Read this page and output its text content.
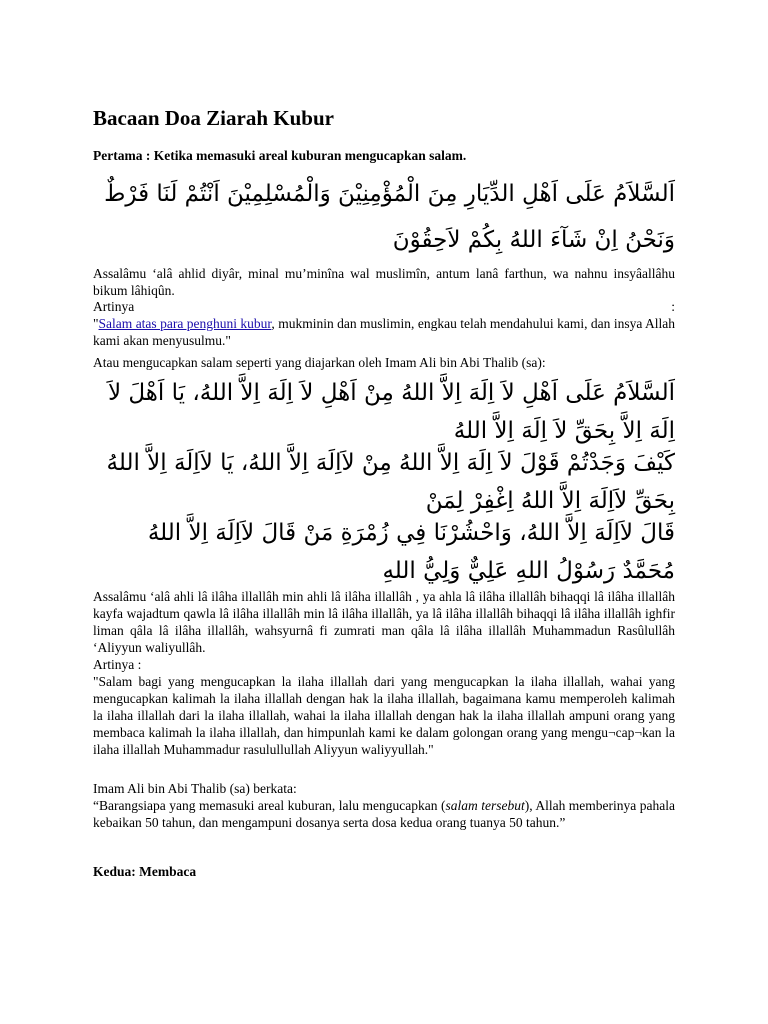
Bacaan Doa Ziarah Kubur

Pertama : Ketika memasuki areal kuburan mengucapkan salam.

اَلسَّلاَمُ عَلَى اَهْلِ الدِّيَارِ مِنَ الْمُؤْمِنِيْنَ وَالْمُسْلِمِيْنَ اَنْتُمْ لَنَا فَرْطٌ وَنَحْنُ اِنْ شَآءَ اللهُ بِكُمْ لاَحِقُوْنَ

Assalâmu ‘alâ ahlid diyâr, minal mu’minîna wal muslimîn, antum lanâ farthun, wa nahnu insyâallâhu bikum lâhiqûn.

Artinya	:

"Salam atas para penghuni kubur, mukminin dan muslimin, engkau telah mendahului kami, dan insya Allah kami akan menyusulmu."

Atau mengucapkan salam seperti yang diajarkan oleh Imam Ali bin Abi Thalib (sa):

اَلسَّلاَمُ عَلَى اَهْلِ لاَ اِلَهَ اِلاَّ اللهُ مِنْ اَهْلِ لاَ اِلَهَ اِلاَّ اللهُ، يَا اَهْلَ لاَ اِلَهَ اِلاَّ بِحَقِّ لاَ اِلَهَ اِلاَّ اللهُ

كَيْفَ وَجَدْتُمْ قَوْلَ لاَ اِلَهَ اِلاَّ اللهُ مِنْ لاَاِلَهَ اِلاَّ اللهُ، يَا لاَاِلَهَ اِلاَّ اللهُ بِحَقِّ لاَاِلَهَ اِلاَّ اللهُ اِغْفِرْ لِمَنْ

قَالَ لاَاِلَهَ اِلاَّ اللهُ، وَاحْشُرْنَا فِي زُمْرَةِ مَنْ قَالَ لاَاِلَهَ اِلاَّ اللهُ مُحَمَّدٌ رَسُوْلُ اللهِ عَلِيٌّ وَلِيُّ اللهِ

Assalâmu ‘alâ ahli lâ ilâha illallâh min ahli lâ ilâha illallâh , ya ahla lâ ilâha illallâh bihaqqi lâ ilâha illallâh kayfa wajadtum qawla lâ ilâha illallâh min lâ ilâha illallâh, ya lâ ilâha illallâh bihaqqi lâ ilâha illallâh ighfir liman qâla lâ ilâha illallâh, wahsyurnâ fi zumrati man qâla lâ ilâha illallâh Muhammadun Rasûlullâh ‘Aliyyun waliyullâh.

Artinya :

"Salam bagi yang mengucapkan la ilaha illallah dari yang mengucapkan la ilaha illallah, wahai yang mengucapkan kalimah la ilaha illallah dengan hak la ilaha illallah, bagaimana kamu memperoleh kalimah la ilaha illallah dari la ilaha illallah, wahai la ilaha illallah dengan hak la ilaha illallah ampuni orang yang membaca kalimah la ilaha illallah, dan himpunlah kami ke dalam golongan orang yang mengu¬cap¬kan la ilaha illallah Muhammadur rasulullullah Aliyyun waliyyullah."

Imam Ali bin Abi Thalib (sa) berkata:

“Barangsiapa yang memasuki areal kuburan, lalu mengucapkan (salam tersebut), Allah memberinya pahala kebaikan 50 tahun, dan mengampuni dosanya serta dosa kedua orang tuanya 50 tahun.”

Kedua: Membaca
